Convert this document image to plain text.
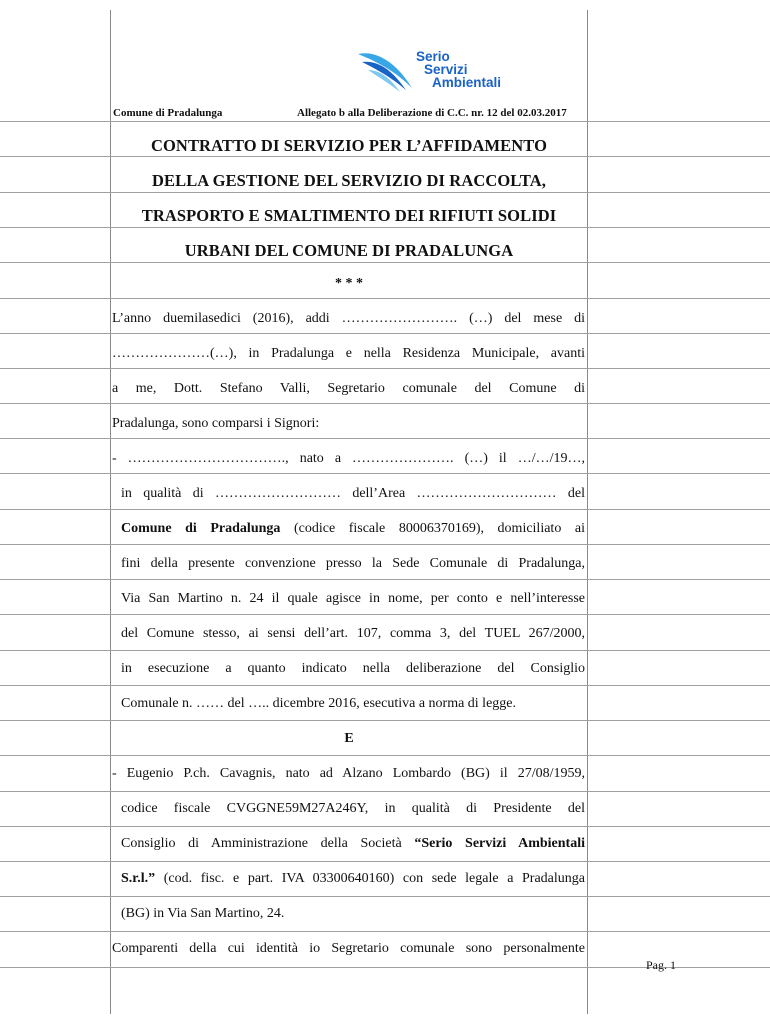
Serio
Servizi
Ambientali
Comune di Pradalunga	Allegato b alla Deliberazione di C.C. nr. 12 del 02.03.2017
CONTRATTO DI SERVIZIO PER L’AFFIDAMENTO
DELLA GESTIONE DEL SERVIZIO DI RACCOLTA,
TRASPORTO E SMALTIMENTO DEI RIFIUTI SOLIDI
URBANI DEL COMUNE DI PRADALUNGA
* * *
L’anno duemilasedici (2016), addi ……………………. (…) del mese di
…………………(…), in Pradalunga e nella Residenza Municipale, avanti
a me, Dott. Stefano Valli, Segretario comunale del Comune di
Pradalunga, sono comparsi i Signori:
- ……………………………., nato a …………………. (…) il …/…/19…,
in qualità di ……………………… dell’Area ………………………… del
Comune di Pradalunga (codice fiscale 80006370169), domiciliato ai
fini della presente convenzione presso la Sede Comunale di Pradalunga,
Via San Martino n. 24 il quale agisce in nome, per conto e nell’interesse
del Comune stesso, ai sensi dell’art. 107, comma 3, del TUEL 267/2000,
in esecuzione a quanto indicato nella deliberazione del Consiglio
Comunale n. …… del ….. dicembre 2016, esecutiva a norma di legge.
E
- Eugenio P.ch. Cavagnis, nato ad Alzano Lombardo (BG) il 27/08/1959,
codice fiscale CVGGNE59M27A246Y, in qualità di Presidente del
Consiglio di Amministrazione della Società “Serio Servizi Ambientali
S.r.l.” (cod. fisc. e part. IVA 03300640160) con sede legale a Pradalunga
(BG) in Via San Martino, 24.
Comparenti della cui identità io Segretario comunale sono personalmente
Pag. 1
